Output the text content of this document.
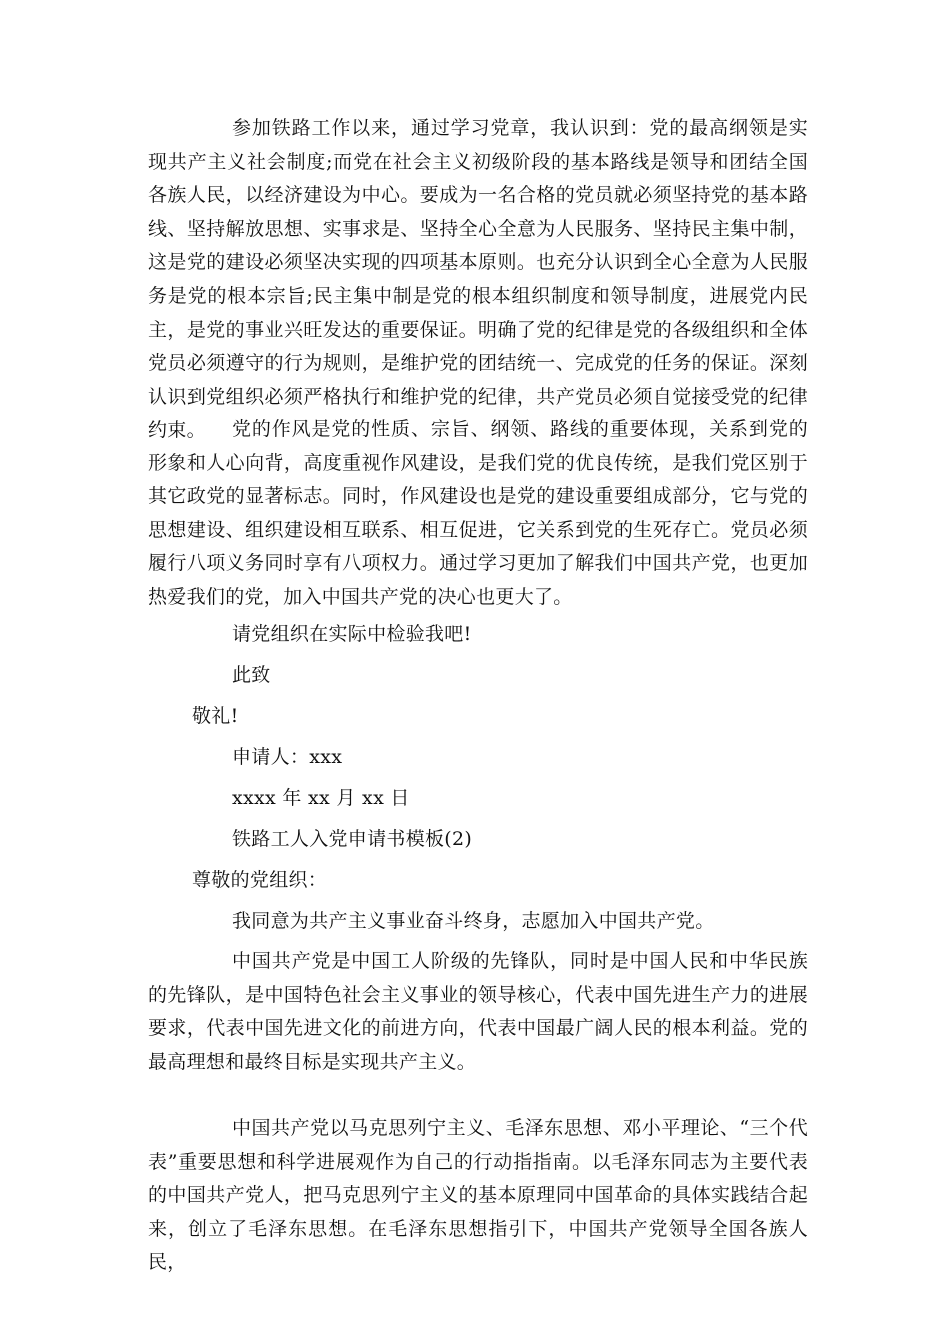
参加铁路工作以来，通过学习党章，我认识到：党的最高纲领是实现共产主义社会制度;而党在社会主义初级阶段的基本路线是领导和团结全国各族人民，以经济建设为中心。要成为一名合格的党员就必须坚持党的基本路线、坚持解放思想、实事求是、坚持全心全意为人民服务、坚持民主集中制，这是党的建设必须坚决实现的四项基本原则。也充分认识到全心全意为人民服务是党的根本宗旨;民主集中制是党的根本组织制度和领导制度，进展党内民主，是党的事业兴旺发达的重要保证。明确了党的纪律是党的各级组织和全体党员必须遵守的行为规则，是维护党的团结统一、完成党的任务的保证。深刻认识到党组织必须严格执行和维护党的纪律，共产党员必须自觉接受党的纪律约束。	党的作风是党的性质、宗旨、纲领、路线的重要体现，关系到党的形象和人心向背，高度重视作风建设，是我们党的优良传统，是我们党区别于其它政党的显著标志。同时，作风建设也是党的建设重要组成部分，它与党的思想建设、组织建设相互联系、相互促进，它关系到党的生死存亡。党员必须履行八项义务同时享有八项权力。通过学习更加了解我们中国共产党，也更加热爱我们的党，加入中国共产党的决心也更大了。

请党组织在实际中检验我吧!

此致

敬礼!

申请人：xxx

xxxx 年 xx 月 xx 日

铁路工人入党申请书模板(2)

尊敬的党组织：

我同意为共产主义事业奋斗终身，志愿加入中国共产党。

中国共产党是中国工人阶级的先锋队，同时是中国人民和中华民族的先锋队，是中国特色社会主义事业的领导核心，代表中国先进生产力的进展要求，代表中国先进文化的前进方向，代表中国最广阔人民的根本利益。党的最高理想和最终目标是实现共产主义。

中国共产党以马克思列宁主义、毛泽东思想、邓小平理论、“三个代表”重要思想和科学进展观作为自己的行动指指南。以毛泽东同志为主要代表的中国共产党人，把马克思列宁主义的基本原理同中国革命的具体实践结合起来，创立了毛泽东思想。在毛泽东思想指引下，中国共产党领导全国各族人民，
